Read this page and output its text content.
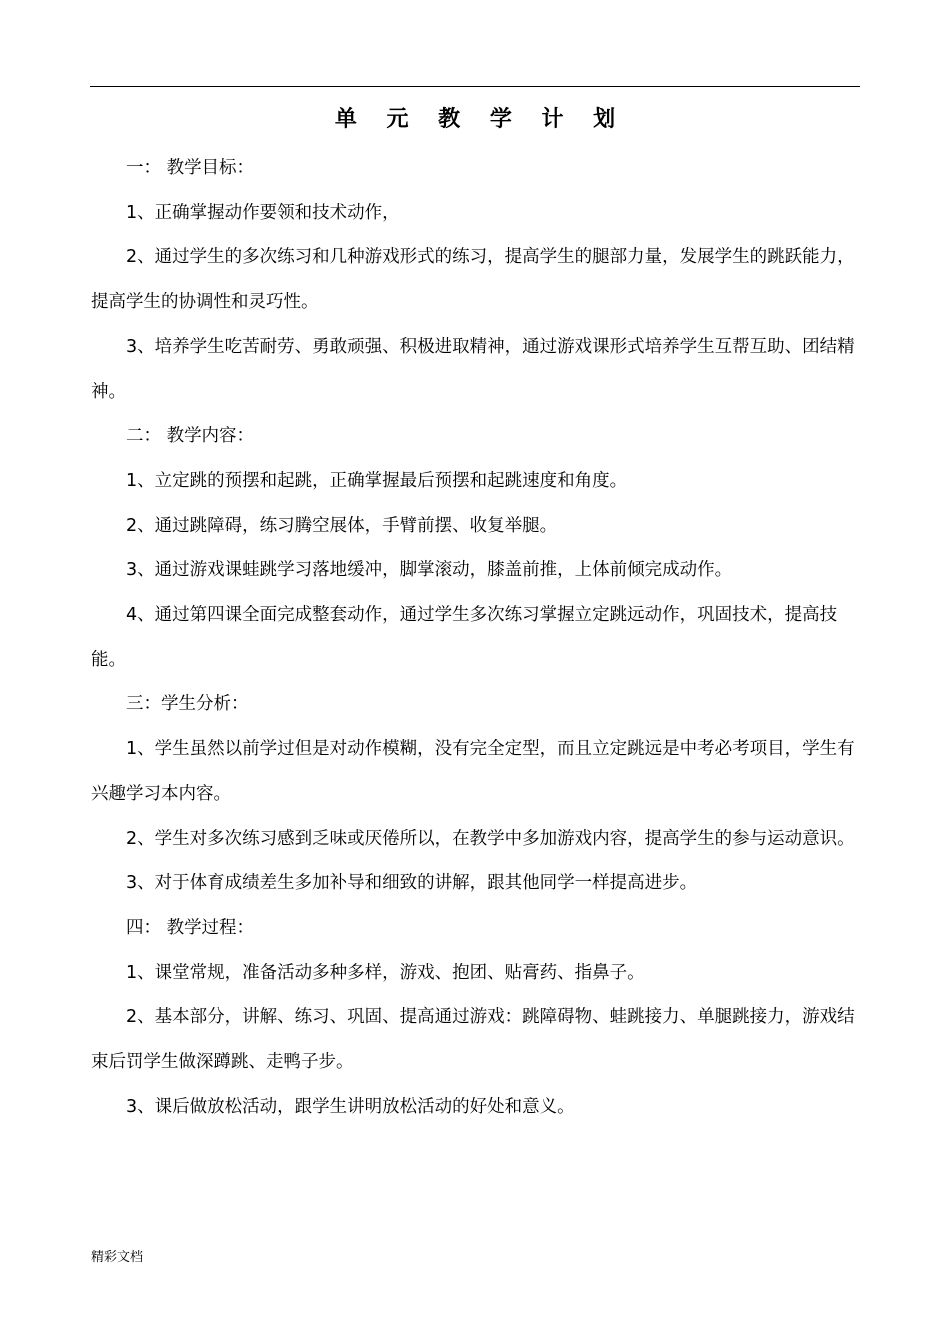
单 元 教 学 计 划

一： 教学目标：

1、正确掌握动作要领和技术动作，

2、通过学生的多次练习和几种游戏形式的练习，提高学生的腿部力量，发展学生的跳跃能力，提高学生的协调性和灵巧性。

3、培养学生吃苦耐劳、勇敢顽强、积极进取精神，通过游戏课形式培养学生互帮互助、团结精神。

二： 教学内容：

1、立定跳的预摆和起跳，正确掌握最后预摆和起跳速度和角度。

2、通过跳障碍，练习腾空展体，手臂前摆、收复举腿。

3、通过游戏课蛙跳学习落地缓冲，脚掌滚动，膝盖前推，上体前倾完成动作。

4、通过第四课全面完成整套动作，通过学生多次练习掌握立定跳远动作，巩固技术，提高技能。

三：学生分析：

1、学生虽然以前学过但是对动作模糊，没有完全定型，而且立定跳远是中考必考项目，学生有兴趣学习本内容。

2、学生对多次练习感到乏味或厌倦所以，在教学中多加游戏内容，提高学生的参与运动意识。

3、对于体育成绩差生多加补导和细致的讲解，跟其他同学一样提高进步。

四： 教学过程：

1、课堂常规，准备活动多种多样，游戏、抱团、贴膏药、指鼻子。

2、基本部分，讲解、练习、巩固、提高通过游戏：跳障碍物、蛙跳接力、单腿跳接力，游戏结束后罚学生做深蹲跳、走鸭子步。

3、课后做放松活动，跟学生讲明放松活动的好处和意义。

精彩文档
